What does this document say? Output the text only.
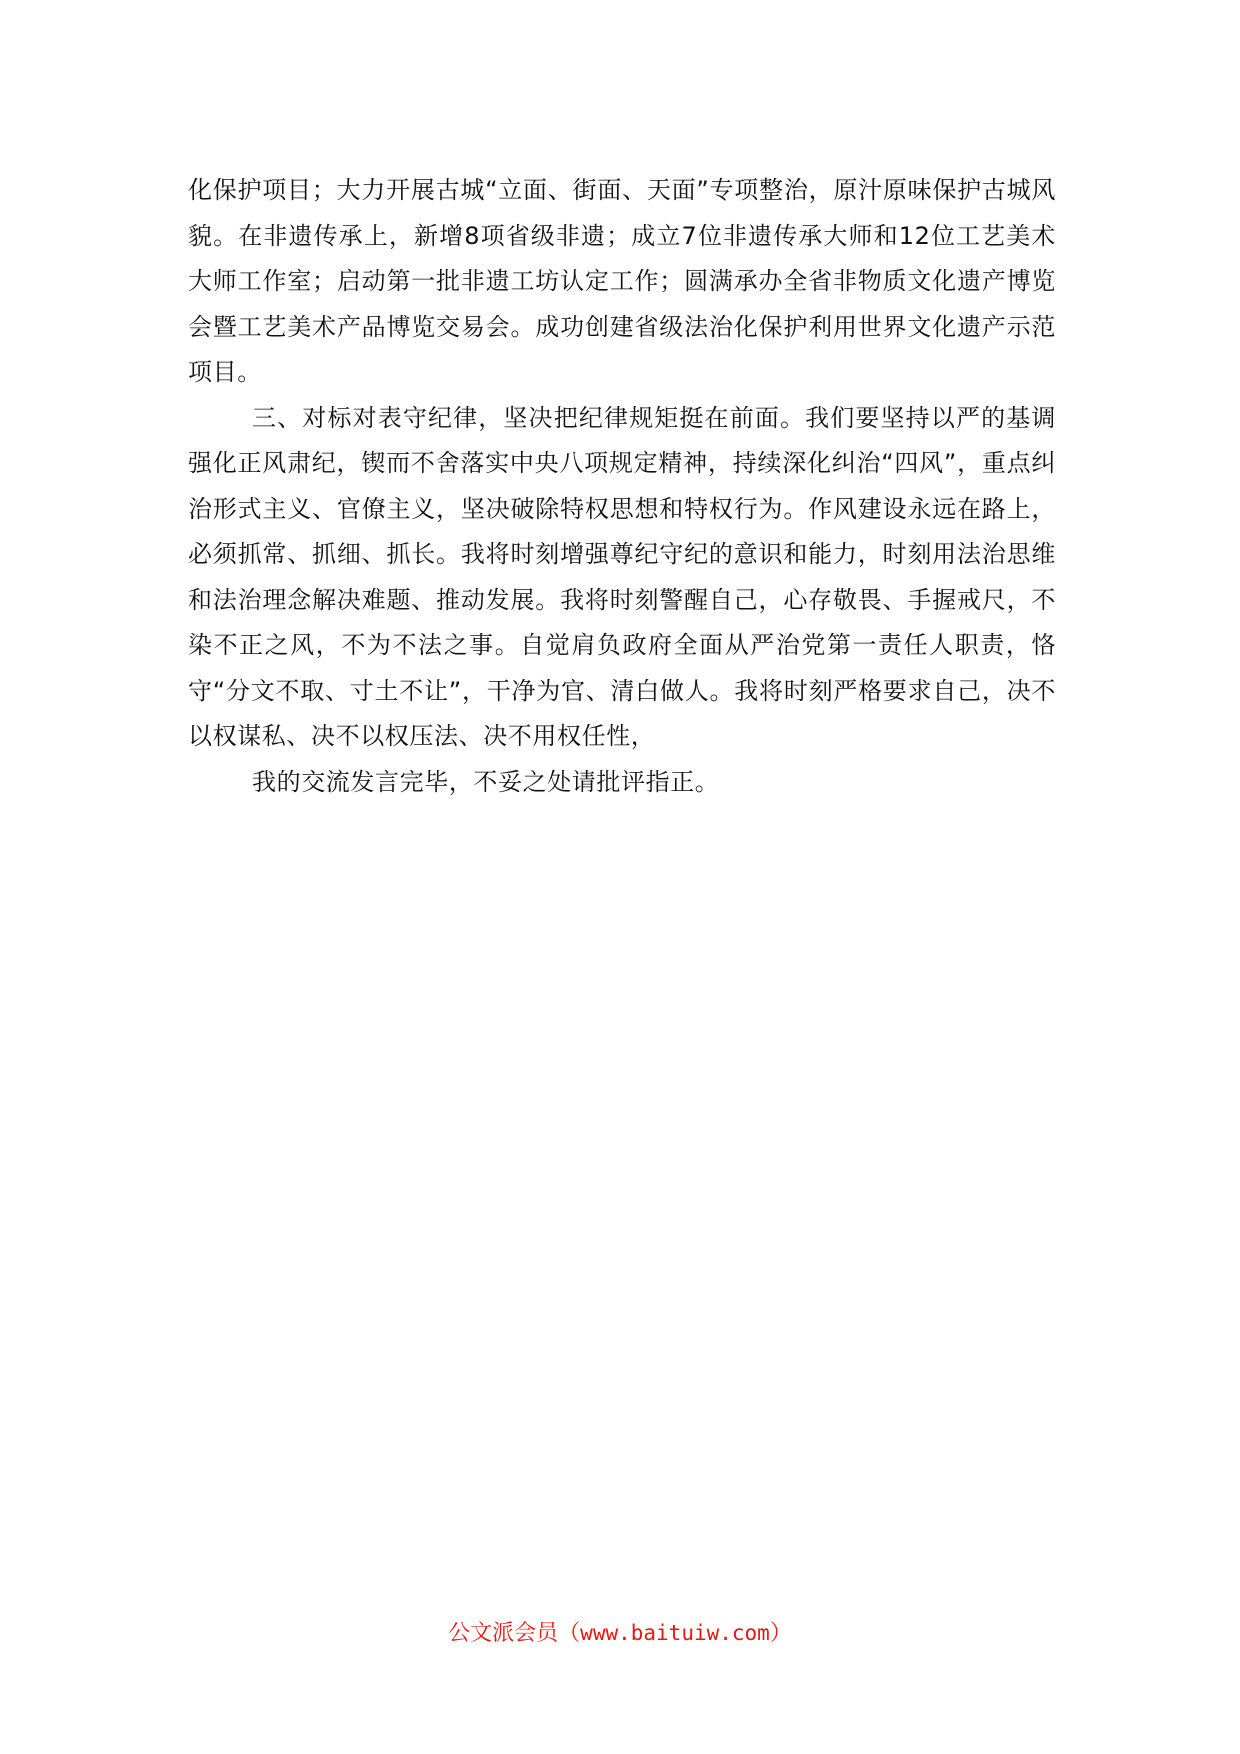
化保护项目；大力开展古城“立面、街面、天面”专项整治，原汁原味保护古城风貌。在非遗传承上，新增8项省级非遗；成立7位非遗传承大师和12位工艺美术大师工作室；启动第一批非遗工坊认定工作；圆满承办全省非物质文化遗产博览会暨工艺美术产品博览交易会。成功创建省级法治化保护利用世界文化遗产示范项目。

三、对标对表守纪律，坚决把纪律规矩挺在前面。我们要坚持以严的基调强化正风肃纪，锲而不舍落实中央八项规定精神，持续深化纠治“四风”，重点纠治形式主义、官僚主义，坚决破除特权思想和特权行为。作风建设永远在路上，必须抓常、抓细、抓长。我将时刻增强尊纪守纪的意识和能力，时刻用法治思维和法治理念解决难题、推动发展。我将时刻警醒自己，心存敬畏、手握戒尺，不染不正之风，不为不法之事。自觉肩负政府全面从严治党第一责任人职责，恪守“分文不取、寸土不让”，干净为官、清白做人。我将时刻严格要求自己，决不以权谋私、决不以权压法、决不用权任性，

我的交流发言完毕，不妥之处请批评指正。

公文派会员（www.baituiw.com）
